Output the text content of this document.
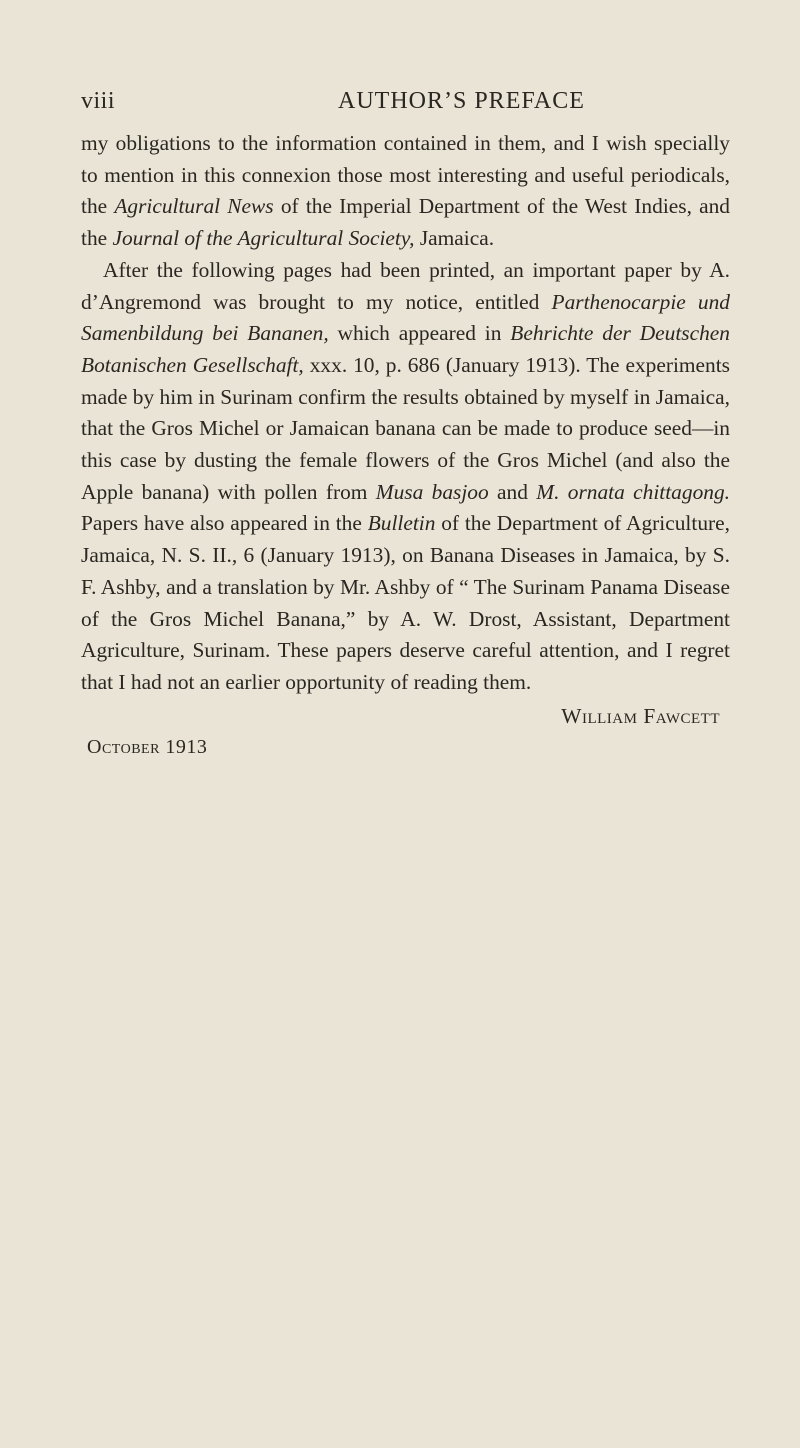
viii	AUTHOR’S PREFACE

my obligations to the information contained in them, and I wish specially to mention in this connexion those most interesting and useful periodicals, the Agricultural News of the Imperial Department of the West Indies, and the Journal of the Agricultural Society, Jamaica.

After the following pages had been printed, an important paper by A. d’Angremond was brought to my notice, entitled Parthenocarpie und Samenbildung bei Bananen, which appeared in Behrichte der Deutschen Botanischen Gesellschaft, xxx. 10, p. 686 (January 1913). The experiments made by him in Surinam confirm the results obtained by myself in Jamaica, that the Gros Michel or Jamaican banana can be made to produce seed—in this case by dusting the female flowers of the Gros Michel (and also the Apple banana) with pollen from Musa basjoo and M. ornata chittagong. Papers have also appeared in the Bulletin of the Department of Agriculture, Jamaica, N. S. II., 6 (January 1913), on Banana Diseases in Jamaica, by S. F. Ashby, and a translation by Mr. Ashby of “ The Surinam Panama Disease of the Gros Michel Banana,” by A. W. Drost, Assistant, Department Agriculture, Surinam. These papers deserve careful attention, and I regret that I had not an earlier opportunity of reading them.

William Fawcett
October 1913
